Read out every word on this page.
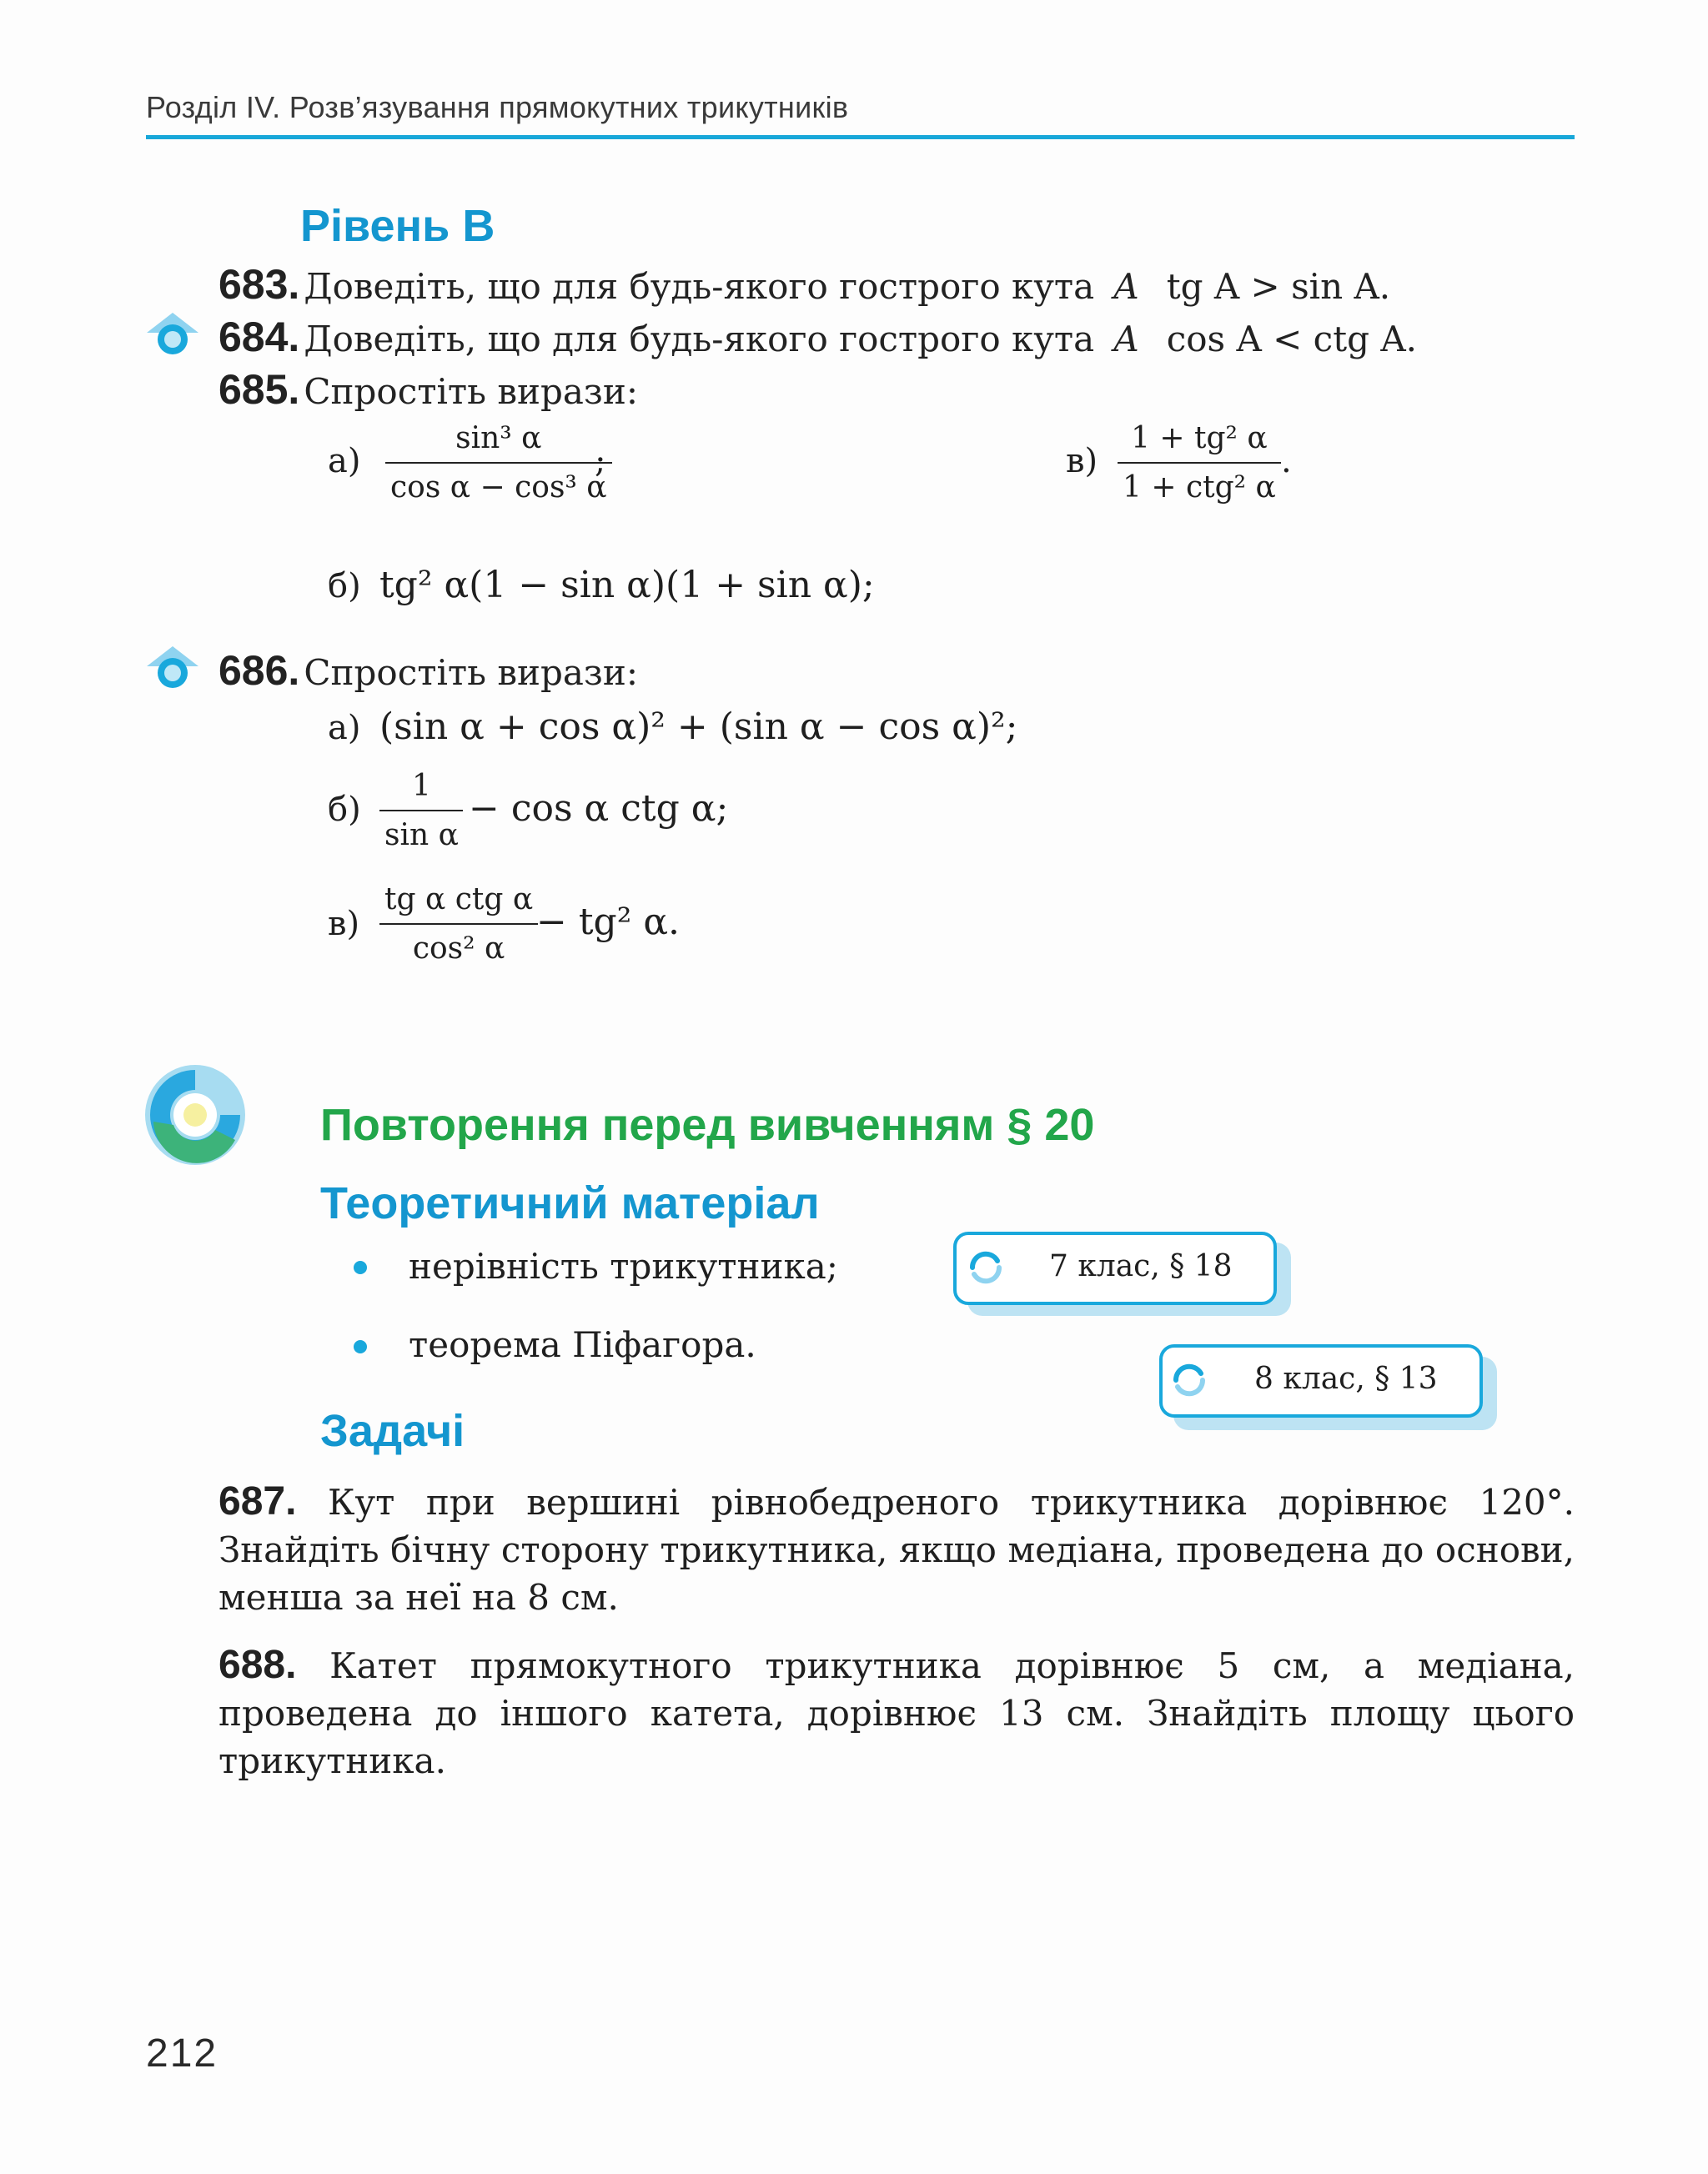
Розділ IV. Розв’язування прямокутних трикутників
Рівень В
683. Доведіть, що для будь-якого гострого кута A tg A > sin A.
684. Доведіть, що для будь-якого гострого кута A cos A < ctg A.
685. Спростіть вирази:
а)
sin³ α
cos α − cos³ α
;	в)
1 + tg² α
1 + ctg² α
.
б) tg² α(1 − sin α)(1 + sin α);
686. Спростіть вирази:
а) (sin α + cos α)² + (sin α − cos α)²;
б)
1
sin α
− cos α ctg α;
в)
tg α ctg α
cos² α
− tg² α.
Повторення перед вивченням § 20
Теоретичний матеріал
нерівність трикутника;
теорема Піфагора.
7 клас, § 18
8 клас, § 13
Задачі
687. Кут при вершині рівнобедреного трикутника дорівнює 120°. Знайдіть бічну сторону трикутника, якщо медіана, проведена до основи, менша за неї на 8 см.
688. Катет прямокутного трикутника дорівнює 5 см, а медіана, проведена до іншого катета, дорівнює 13 см. Знайдіть площу цього трикутника.
212
